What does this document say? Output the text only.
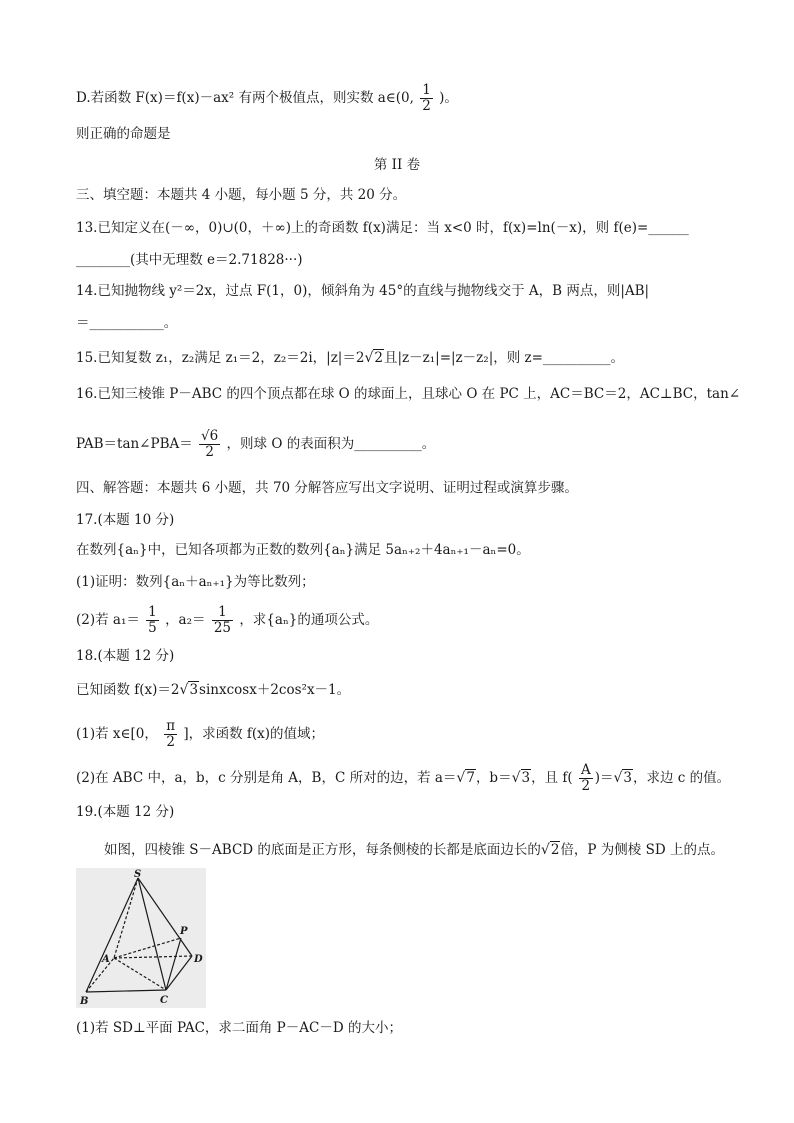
D.若函数 F(x)＝f(x)－ax² 有两个极值点，则实数 a∈(0, $\frac{1}{2}$ )。
则正确的命题是
第 II 卷
三、填空题：本题共 4 小题，每小题 5 分，共 20 分。
13.已知定义在(－∞，0)∪(0，＋∞)上的奇函数 f(x)满足：当 x<0 时，f(x)=ln(－x)，则 f(e)=______
________(其中无理数 e＝2.71828···)
14.已知抛物线 y²＝2x，过点 F(1，0)，倾斜角为 45°的直线与抛物线交于 A，B 两点，则|AB|
＝___________。
15.已知复数 z₁，z₂满足 z₁＝2，z₂＝2i，|z|＝2√2且|z－z₁|=|z－z₂|，则 z=__________。
16.已知三棱锥 P－ABC 的四个顶点都在球 O 的球面上，且球心 O 在 PC 上，AC＝BC＝2，AC⊥BC，tan∠
PAB＝tan∠PBA＝ $\frac{√6}{2}$ ，则球 O 的表面积为__________。
四、解答题：本题共 6 小题，共 70 分解答应写出文字说明、证明过程或演算步骤。
17.(本题 10 分)
在数列{aₙ}中，已知各项都为正数的数列{aₙ}满足 5aₙ₊₂＋4aₙ₊₁－aₙ=0。
(1)证明：数列{aₙ＋aₙ₊₁}为等比数列；
(2)若 $a_1= \frac{1}{5}$ ，$a_2= \frac{1}{25}$ ，求{aₙ}的通项公式。
18.(本题 12 分)
已知函数 f(x)＝2√3sinxcosx＋2cos²x－1。
(1)若 x∈[0， $\frac{\pi}{2}$ ]，求函数 f(x)的值域；
(2)在 ABC 中，a，b，c 分别是角 A，B，C 所对的边，若 a＝√7，b＝√3，且 $f( \frac{A}{2} )=√3$，求边 c 的值。
19.(本题 12 分)
如图，四棱锥 S－ABCD 的底面是正方形，每条侧棱的长都是底面边长的√2倍，P 为侧棱 SD 上的点。
S
A
B	C
D
P
(1)若 SD⊥平面 PAC，求二面角 P－AC－D 的大小；
